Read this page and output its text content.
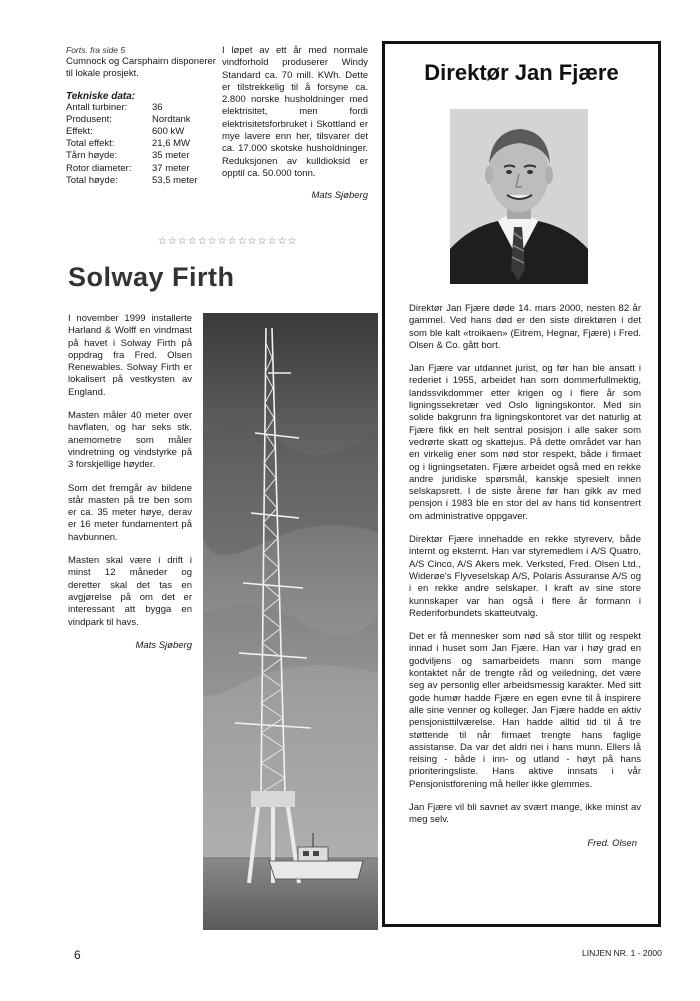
Forts. fra side 5
Cumnock og Carsphairn disponerer til lokale prosjekt.
Tekniske data:
Antall turbiner:	36
Produsent:	Nordtank
Effekt:	600 kW
Total effekt:	21,6 MW
Tårn høyde:	35 meter
Rotor diameter:	37 meter
Total høyde:	53,5 meter
I løpet av ett år med normale vindforhold produserer Windy Standard ca. 70 mill. KWh. Dette er tilstrekkelig til å forsyne ca. 2.800 norske husholdninger med elektrisitet, men fordi elektrisitetsforbruket i Skottland er mye lavere enn her, tilsvarer det ca. 17.000 skotske husholdninger. Reduksjonen av kulldioksid er opptil ca. 50.000 tonn.
Mats Sjøberg
☆☆☆☆☆☆☆☆☆☆☆☆☆☆
Solway Firth

I november 1999 installerte Harland & Wolff en vindmast på havet i Solway Firth på oppdrag fra Fred. Olsen Renewables. Solway Firth er lokalisert på vestkysten av England.

Masten måler 40 meter over havflaten, og har seks stk. anemometre som måler vindretning og vindstyrke på 3 forskjellige høyder.

Som det fremgår av bildene står masten på tre ben som er ca. 35 meter høye, derav er 16 meter fundamentert på havbunnen.

Masten skal være i drift i minst 12 måneder og deretter skal det tas en avgjørelse på om det er interessant att bygga en vindpark til havs.

Mats Sjøberg
Direktør Jan Fjære

Direktør Jan Fjære døde 14. mars 2000, nesten 82 år gammel. Ved hans død er den siste direktøren i det som ble kalt «troikaen» (Eitrem, Hegnar, Fjære) i Fred. Olsen & Co. gått bort.

Jan Fjære var utdannet jurist, og før han ble ansatt i rederiet i 1955, arbeidet han som dommerfullmektig, landssvikdommer etter krigen og i flere år som ligningssekretær ved Oslo ligningskontor. Med sin solide bakgrunn fra ligningskontoret var det naturlig at Fjære fikk en helt sentral posisjon i alle saker som vedrørte skatt og skattejus. På dette området var han en virkelig ener som nød stor respekt, både i firmaet og i ligningsetaten. Fjære arbeidet også med en rekke andre juridiske spørsmål, kanskje spesielt innen selskapsrett. I de siste årene før han gikk av med pensjon i 1983 ble en stor del av hans tid konsentrert om administrative oppgaver.

Direktør Fjære innehadde en rekke styreverv, både internt og eksternt. Han var styremedlem i A/S Quatro, A/S Cinco, A/S Akers mek. Verksted, Fred. Olsen Ltd., Widerøe's Flyveselskap A/S, Polaris Assuranse A/S og i en rekke andre selskaper. I kraft av sine store kunnskaper var han også i flere år formann i Rederiforbundets skatteutvalg.

Det er få mennesker som nød så stor tillit og respekt innad i huset som Jan Fjære. Han var i høy grad en godviljens og samarbeidets mann som mange kontaktet når de trengte råd og veiledning, det være seg av personlig eller arbeidsmessig karakter. Med sitt gode humør hadde Fjære en egen evne til å inspirere alle sine venner og kolleger. Jan Fjære hadde en aktiv pensjonisttilværelse. Han hadde alltid tid til å tre støttende til når firmaet trengte hans faglige assistanse. Da var det aldri nei i hans munn. Ellers lå reising - både i inn- og utland - høyt på hans prioriteringsliste. Hans aktive innsats i vår Pensjonistforening må heller ikke glemmes.

Jan Fjære vil bli savnet av svært mange, ikke minst av meg selv.

Fred. Olsen
6	LINJEN NR. 1 - 2000
